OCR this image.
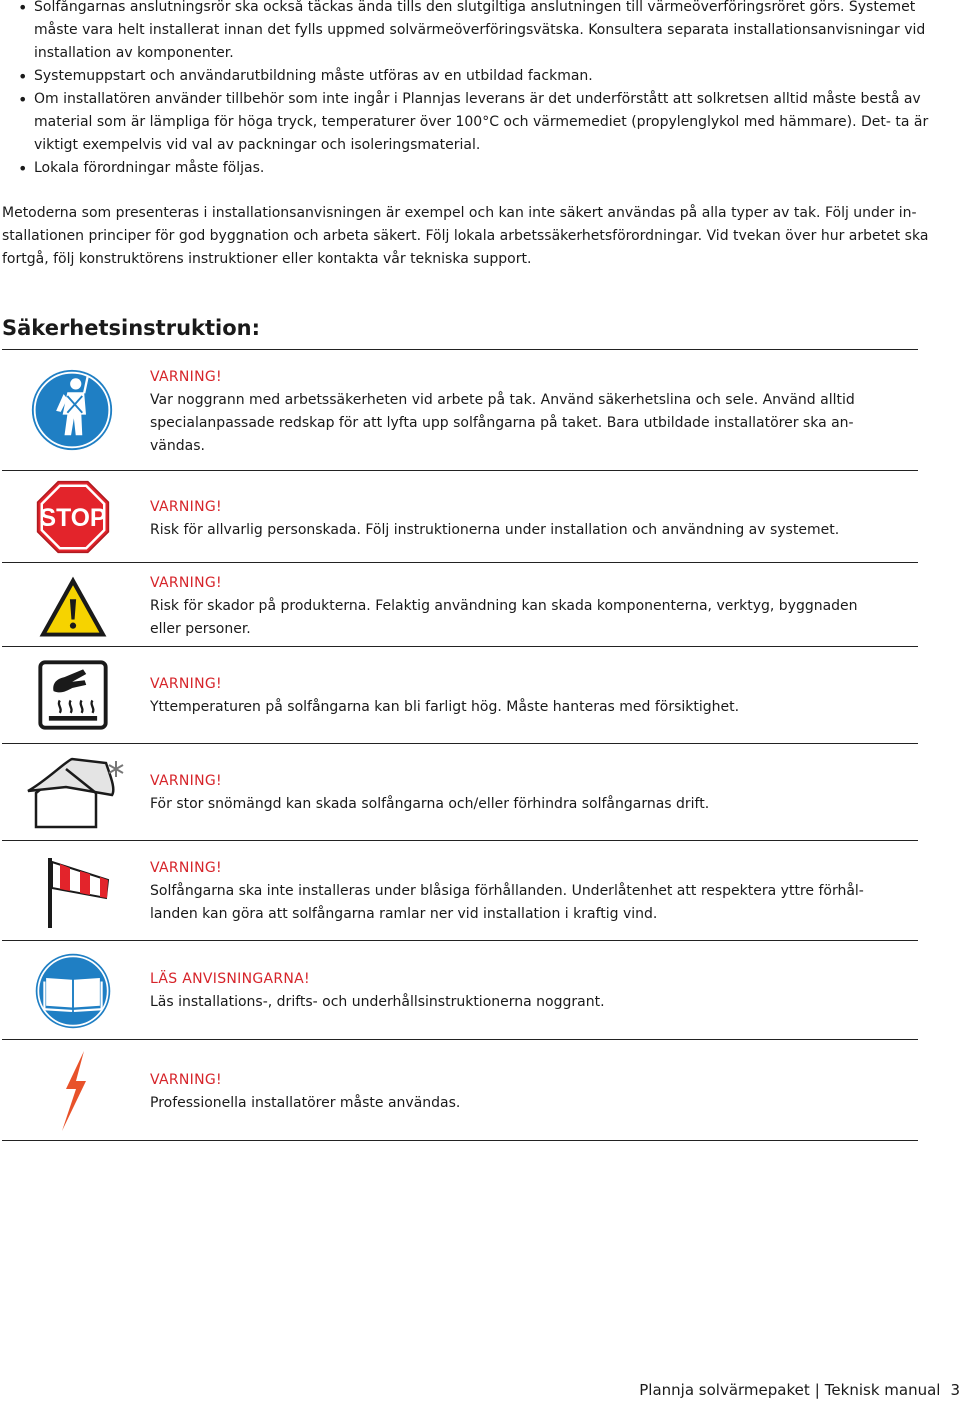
• Solfångarnas anslutningsrör ska också täckas ända tills den slutgiltiga anslutningen till värmeöverföringsröret görs. Systemet måste vara helt installerat innan det fylls uppmed solvärmeöverföringsvätska. Konsultera separata installationsanvisningar vid installation av komponenter.
• Systemuppstart och användarutbildning måste utföras av en utbildad fackman.
• Om installatören använder tillbehör som inte ingår i Plannjas leverans är det underförstått att solkretsen alltid måste bestå av material som är lämpliga för höga tryck, temperaturer över 100°C och värmemediet (propylenglykol med hämmare). Det- ta är viktigt exempelvis vid val av packningar och isoleringsmaterial.
• Lokala förordningar måste följas.

Metoderna som presenteras i installationsanvisningen är exempel och kan inte säkert användas på alla typer av tak. Följ under in- stallationen principer för god byggnation och arbeta säkert. Följ lokala arbetssäkerhetsförordningar. Vid tvekan över hur arbetet ska fortgå, följ konstruktörens instruktioner eller kontakta vår tekniska support.

Säkerhetsinstruktion:
VARNING!
Var noggrann med arbetssäkerheten vid arbete på tak. Använd säkerhetslina och sele. Använd alltid specialanpassade redskap för att lyfta upp solfångarna på taket. Bara utbildade installatörer ska an- vändas.
STOP	VARNING!
Risk för allvarlig personskada. Följ instruktionerna under installation och användning av systemet.
VARNING!
Risk för skador på produkterna. Felaktig användning kan skada komponenterna, verktyg, byggnaden eller personer.
VARNING!
Yttemperaturen på solfångarna kan bli farligt hög. Måste hanteras med försiktighet.
VARNING!
För stor snömängd kan skada solfångarna och/eller förhindra solfångarnas drift.
VARNING!
Solfångarna ska inte installeras under blåsiga förhållanden. Underlåtenhet att respektera yttre förhål- landen kan göra att solfångarna ramlar ner vid installation i kraftig vind.
LÄS ANVISNINGARNA!
Läs installations-, drifts- och underhållsinstruktionerna noggrant.
VARNING!
Professionella installatörer måste användas.
Plannja solvärmepaket | Teknisk manual 3
